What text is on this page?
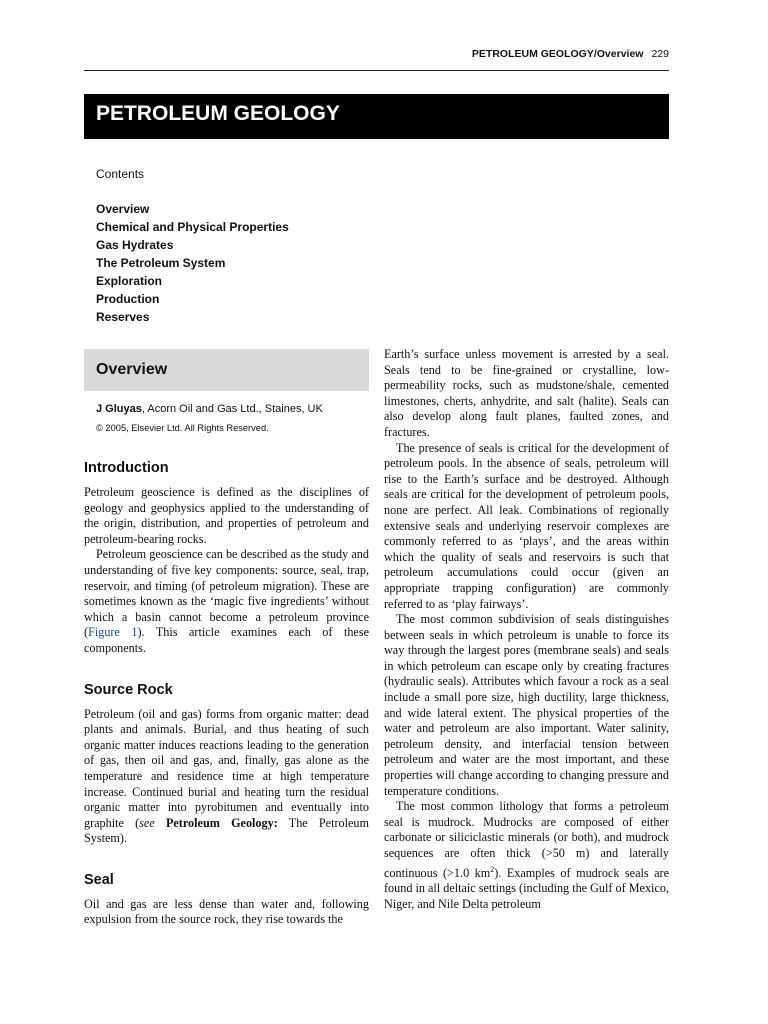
PETROLEUM GEOLOGY/Overview 229
PETROLEUM GEOLOGY
Contents
Overview
Chemical and Physical Properties
Gas Hydrates
The Petroleum System
Exploration
Production
Reserves
Overview
J Gluyas, Acorn Oil and Gas Ltd., Staines, UK
© 2005, Elsevier Ltd. All Rights Reserved.
Introduction

Petroleum geoscience is defined as the disciplines of geology and geophysics applied to the understanding of the origin, distribution, and properties of petroleum and petroleum-bearing rocks.

Petroleum geoscience can be described as the study and understanding of five key components: source, seal, trap, reservoir, and timing (of petroleum migration). These are sometimes known as the ‘magic five ingredients’ without which a basin cannot become a petroleum province (Figure 1). This article examines each of these components.

Source Rock

Petroleum (oil and gas) forms from organic matter: dead plants and animals. Burial, and thus heating of such organic matter induces reactions leading to the generation of gas, then oil and gas, and, finally, gas alone as the temperature and residence time at high temperature increase. Continued burial and heating turn the residual organic matter into pyrobitumen and eventually into graphite (see Petroleum Geology: The Petroleum System).

Seal

Oil and gas are less dense than water and, following expulsion from the source rock, they rise towards the

Earth’s surface unless movement is arrested by a seal. Seals tend to be fine-grained or crystalline, low-permeability rocks, such as mudstone/shale, cemented limestones, cherts, anhydrite, and salt (halite). Seals can also develop along fault planes, faulted zones, and fractures.

The presence of seals is critical for the development of petroleum pools. In the absence of seals, petroleum will rise to the Earth’s surface and be destroyed. Although seals are critical for the development of petroleum pools, none are perfect. All leak. Combinations of regionally extensive seals and underlying reservoir complexes are commonly referred to as ‘plays’, and the areas within which the quality of seals and reservoirs is such that petroleum accumulations could occur (given an appropriate trapping configuration) are commonly referred to as ‘play fairways’.

The most common subdivision of seals distinguishes between seals in which petroleum is unable to force its way through the largest pores (membrane seals) and seals in which petroleum can escape only by creating fractures (hydraulic seals). Attributes which favour a rock as a seal include a small pore size, high ductility, large thickness, and wide lateral extent. The physical properties of the water and petroleum are also important. Water salinity, petroleum density, and interfacial tension between petroleum and water are the most important, and these properties will change according to changing pressure and temperature conditions.

The most common lithology that forms a petroleum seal is mudrock. Mudrocks are composed of either carbonate or siliciclastic minerals (or both), and mudrock sequences are often thick (>50 m) and laterally continuous (>1.0 $km^2$). Examples of mudrock seals are found in all deltaic settings (including the Gulf of Mexico, Niger, and Nile Delta petroleum
